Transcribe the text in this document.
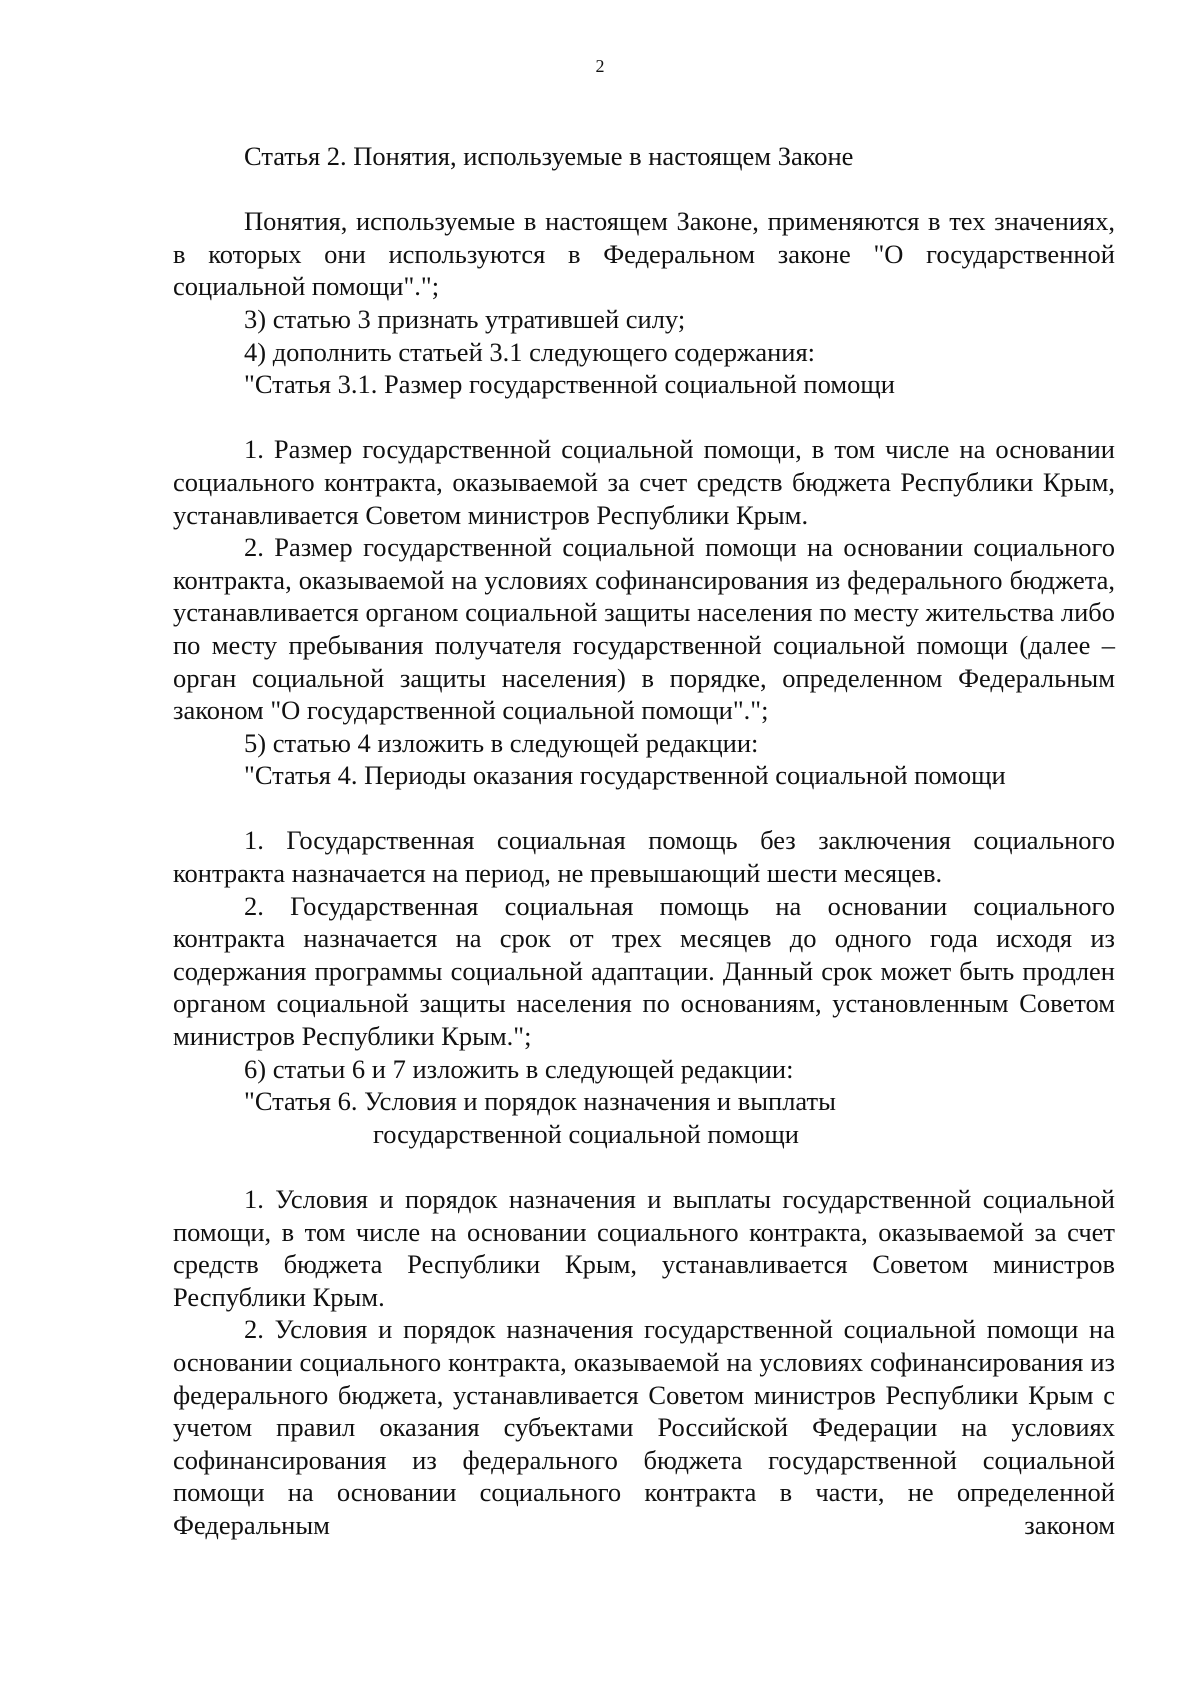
2

Статья 2. Понятия, используемые в настоящем Законе

Понятия, используемые в настоящем Законе, применяются в тех значениях, в которых они используются в Федеральном законе "О государственной социальной помощи".";

3) статью 3 признать утратившей силу;

4) дополнить статьей 3.1 следующего содержания:

"Статья 3.1. Размер государственной социальной помощи

1. Размер государственной социальной помощи, в том числе на основании социального контракта, оказываемой за счет средств бюджета Республики Крым, устанавливается Советом министров Республики Крым.

2. Размер государственной социальной помощи на основании социального контракта, оказываемой на условиях софинансирования из федерального бюджета, устанавливается органом социальной защиты населения по месту жительства либо по месту пребывания получателя государственной социальной помощи (далее – орган социальной защиты населения) в порядке, определенном Федеральным законом "О государственной социальной помощи".";

5) статью 4 изложить в следующей редакции:

"Статья 4. Периоды оказания государственной социальной помощи

1. Государственная социальная помощь без заключения социального контракта назначается на период, не превышающий шести месяцев.

2. Государственная социальная помощь на основании социального контракта назначается на срок от трех месяцев до одного года исходя из содержания программы социальной адаптации. Данный срок может быть продлен органом социальной защиты населения по основаниям, установленным Советом министров Республики Крым.";

6) статьи 6 и 7 изложить в следующей редакции:

"Статья 6. Условия и порядок назначения и выплаты

государственной социальной помощи

1. Условия и порядок назначения и выплаты государственной социальной помощи, в том числе на основании социального контракта, оказываемой за счет средств бюджета Республики Крым, устанавливается Советом министров Республики Крым.

2. Условия и порядок назначения государственной социальной помощи на основании социального контракта, оказываемой на условиях софинансирования из федерального бюджета, устанавливается Советом министров Республики Крым с учетом правил оказания субъектами Российской Федерации на условиях софинансирования из федерального бюджета государственной социальной помощи на основании социального контракта в части, не определенной Федеральным законом
